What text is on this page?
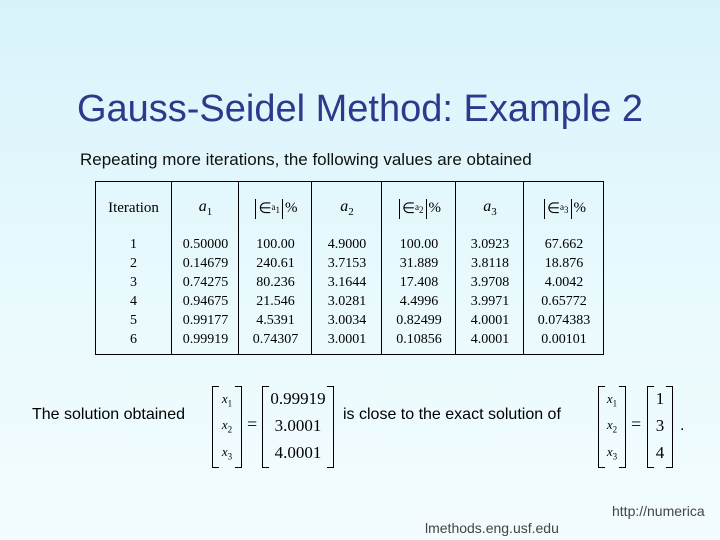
Gauss-Seidel Method: Example 2
Repeating more iterations, the following values are obtained
Iteration
1
2
3
4
5
6
$a_1$
0.50000
0.14679
0.74275
0.94675
0.99177
0.99919
∈ $a_1$ %
100.00
240.61
80.236
21.546
4.5391
0.74307
$a_2$
4.9000
3.7153
3.1644
3.0281
3.0034
3.0001
∈ $a_2$ %
100.00
31.889
17.408
4.4996
0.82499
0.10856
$a_3$
3.0923
3.8118
3.9708
3.9971
4.0001
4.0001
∈ $a_3$ %
67.662
18.876
4.0042
0.65772
0.074383
0.00101
The solution obtained
$x_1$
$x_2$
$x_3$
=
0.99919
3.0001
4.0001
is close to the exact solution of
$x_1$
$x_2$
$x_3$
=
1
3
4
.
http://numerica
lmethods.eng.usf.edu
